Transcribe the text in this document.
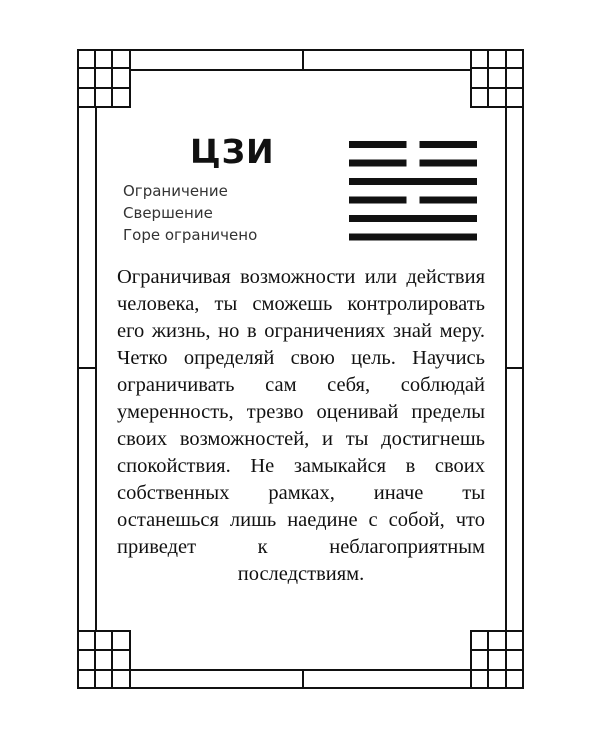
ЦЗИ
Ограничение
Свершение
Горе ограничено

Ограничивая возможности или действия человека, ты сможешь контролировать его жизнь, но в ограничениях знай меру. Четко определяй свою цель. Научись ограничивать сам себя, соблюдай умеренность, трезво оценивай пределы своих возможностей, и ты достигнешь спокойствия. Не замыкайся в своих собственных рамках, иначе ты останешься лишь наедине с собой, что приведет к неблагоприятным последствиям.
